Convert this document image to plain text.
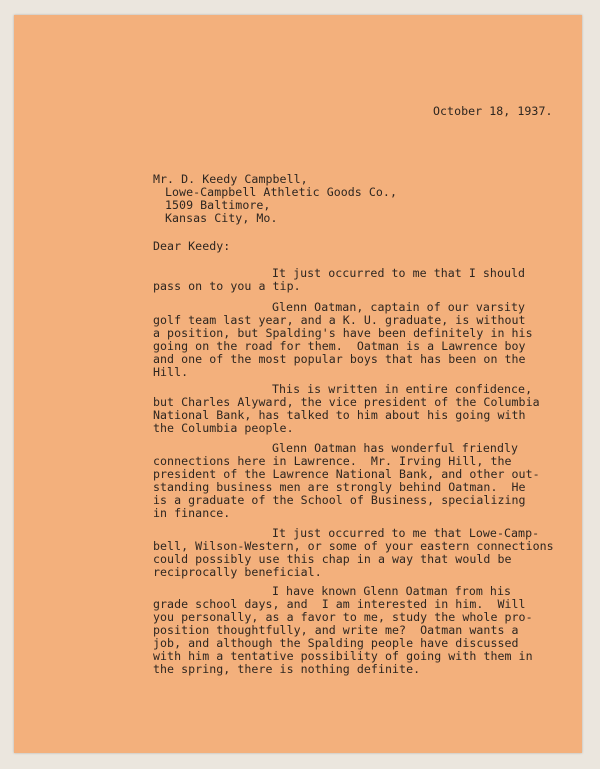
October 18, 1937.
Mr. D. Keedy Campbell,
Lowe-Campbell Athletic Goods Co.,
1509 Baltimore,
Kansas City, Mo.
Dear Keedy:
It just occurred to me that I should
pass on to you a tip.
Glenn Oatman, captain of our varsity
golf team last year, and a K. U. graduate, is without
a position, but Spalding's have been definitely in his
going on the road for them.  Oatman is a Lawrence boy
and one of the most popular boys that has been on the
Hill.
This is written in entire confidence,
but Charles Alyward, the vice president of the Columbia
National Bank, has talked to him about his going with
the Columbia people.
Glenn Oatman has wonderful friendly
connections here in Lawrence.  Mr. Irving Hill, the
president of the Lawrence National Bank, and other out-
standing business men are strongly behind Oatman.  He
is a graduate of the School of Business, specializing
in finance.
It just occurred to me that Lowe-Camp-
bell, Wilson-Western, or some of your eastern connections
could possibly use this chap in a way that would be
reciprocally beneficial.
I have known Glenn Oatman from his
grade school days, and  I am interested in him.  Will
you personally, as a favor to me, study the whole pro-
position thoughtfully, and write me?  Oatman wants a
job, and although the Spalding people have discussed
with him a tentative possibility of going with them in
the spring, there is nothing definite.
